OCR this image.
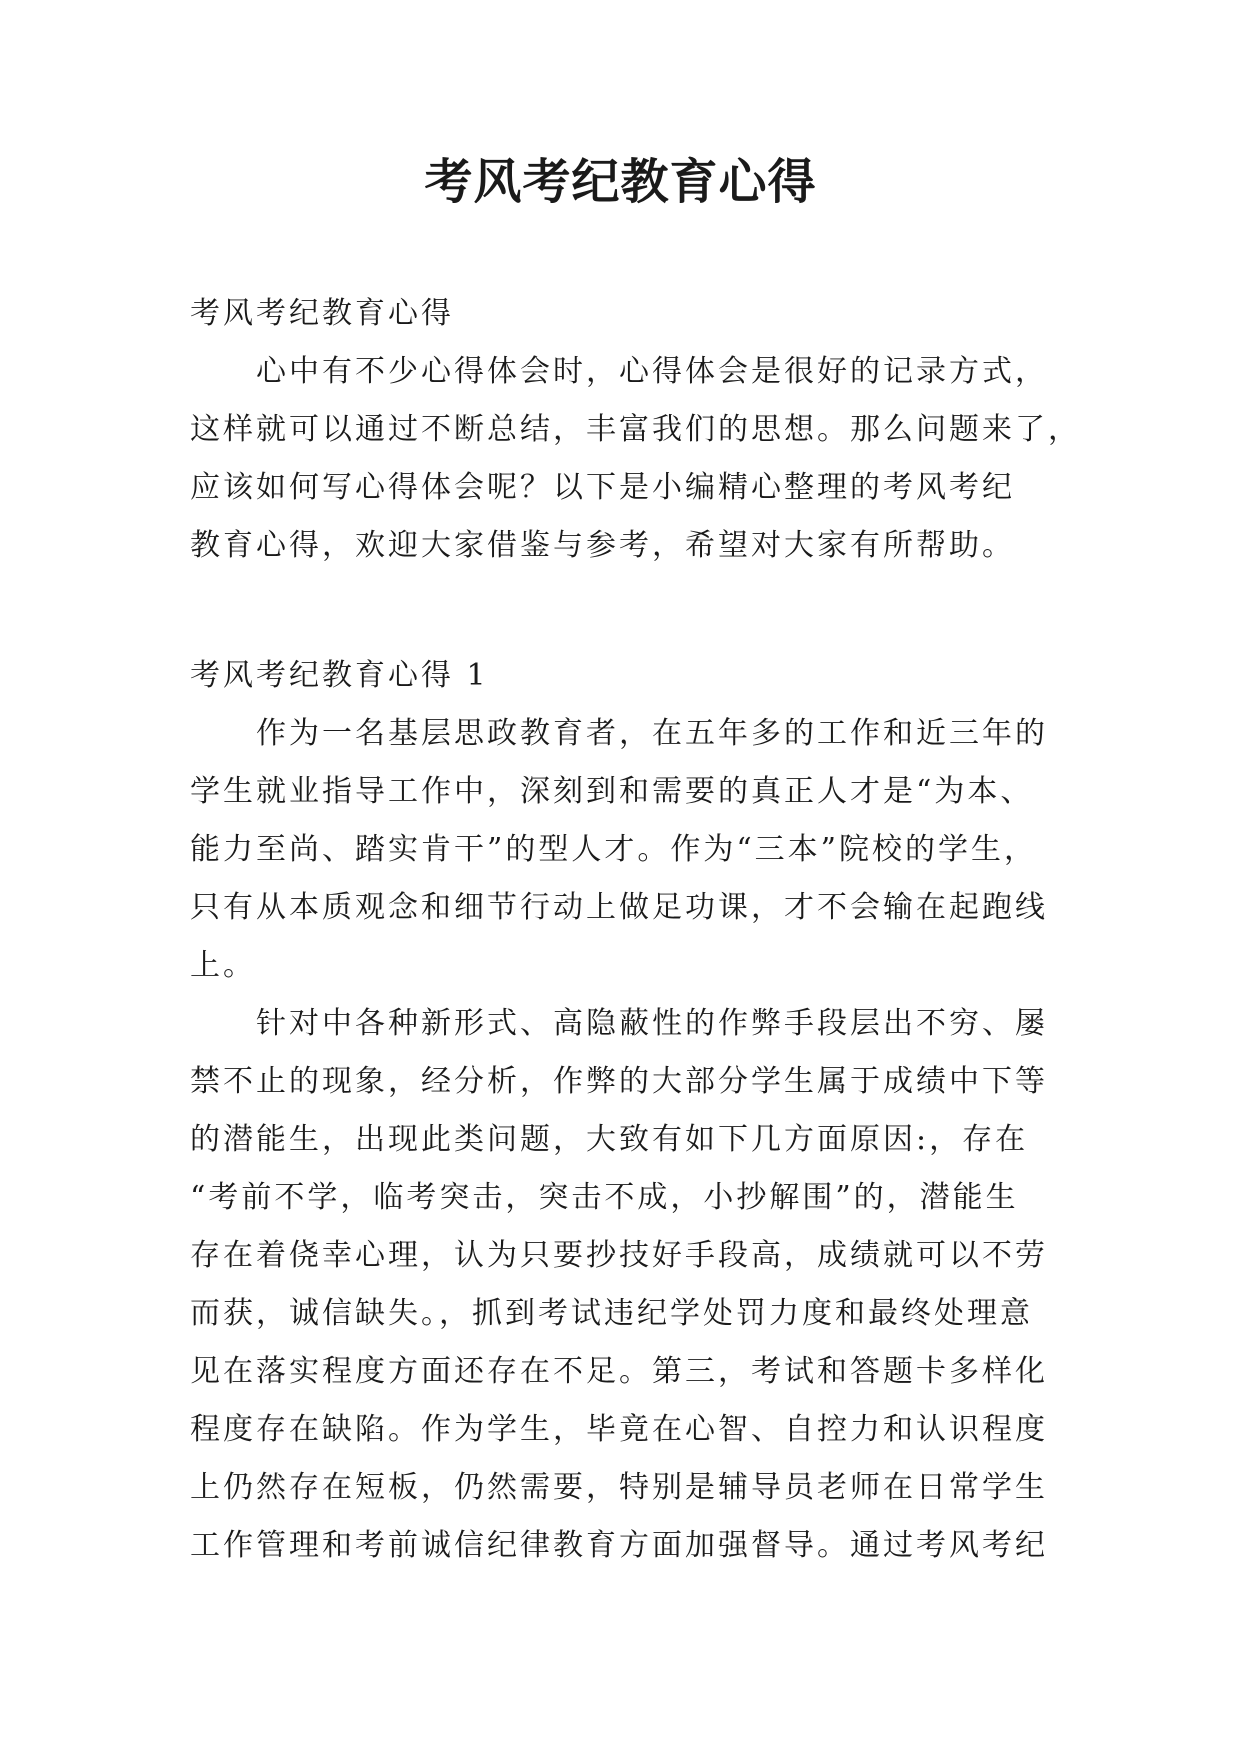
考风考纪教育心得
考风考纪教育心得
心中有不少心得体会时，心得体会是很好的记录方式，
这样就可以通过不断总结，丰富我们的思想。那么问题来了，
应该如何写心得体会呢？以下是小编精心整理的考风考纪
教育心得，欢迎大家借鉴与参考，希望对大家有所帮助。
考风考纪教育心得 1
作为一名基层思政教育者，在五年多的工作和近三年的
学生就业指导工作中，深刻到和需要的真正人才是“为本、
能力至尚、踏实肯干”的型人才。作为“三本”院校的学生，
只有从本质观念和细节行动上做足功课，才不会输在起跑线
上。
针对中各种新形式、高隐蔽性的作弊手段层出不穷、屡
禁不止的现象，经分析，作弊的大部分学生属于成绩中下等
的潜能生，出现此类问题，大致有如下几方面原因:，存在
“考前不学，临考突击，突击不成，小抄解围”的，潜能生
存在着侥幸心理，认为只要抄技好手段高，成绩就可以不劳
而获，诚信缺失。，抓到考试违纪学处罚力度和最终处理意
见在落实程度方面还存在不足。第三，考试和答题卡多样化
程度存在缺陷。作为学生，毕竟在心智、自控力和认识程度
上仍然存在短板，仍然需要，特别是辅导员老师在日常学生
工作管理和考前诚信纪律教育方面加强督导。通过考风考纪
